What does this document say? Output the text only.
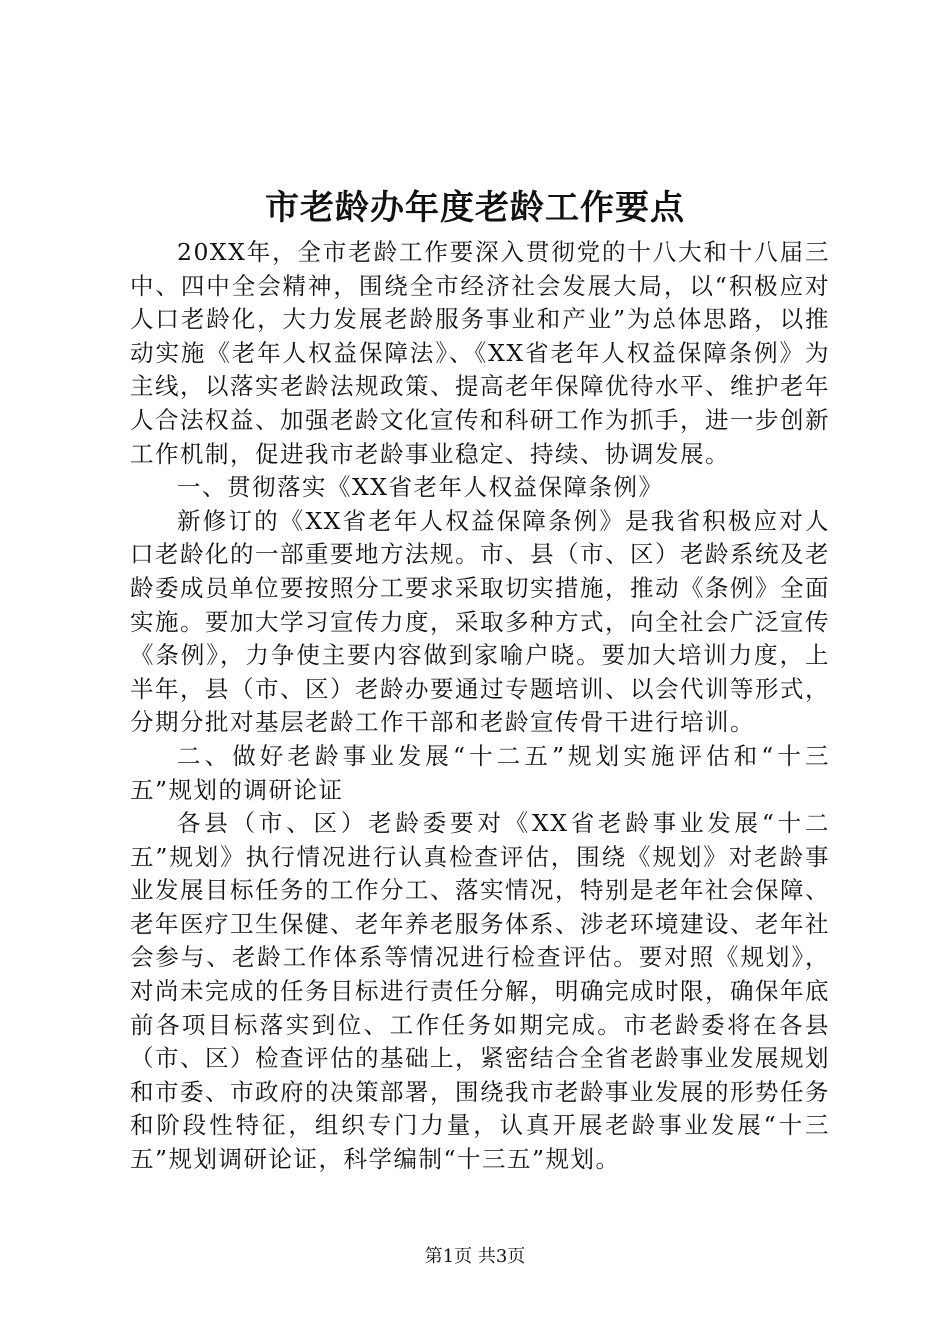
市老龄办年度老龄工作要点

20XX年，全市老龄工作要深入贯彻党的十八大和十八届三中、四中全会精神，围绕全市经济社会发展大局，以“积极应对人口老龄化，大力发展老龄服务事业和产业”为总体思路，以推动实施《老年人权益保障法》、《XX省老年人权益保障条例》为主线，以落实老龄法规政策、提高老年保障优待水平、维护老年人合法权益、加强老龄文化宣传和科研工作为抓手，进一步创新工作机制，促进我市老龄事业稳定、持续、协调发展。

一、贯彻落实《XX省老年人权益保障条例》

新修订的《XX省老年人权益保障条例》是我省积极应对人口老龄化的一部重要地方法规。市、县（市、区）老龄系统及老龄委成员单位要按照分工要求采取切实措施，推动《条例》全面实施。要加大学习宣传力度，采取多种方式，向全社会广泛宣传《条例》，力争使主要内容做到家喻户晓。要加大培训力度，上半年，县（市、区）老龄办要通过专题培训、以会代训等形式，分期分批对基层老龄工作干部和老龄宣传骨干进行培训。

二、做好老龄事业发展“十二五”规划实施评估和“十三五”规划的调研论证

各县（市、区）老龄委要对《XX省老龄事业发展“十二五”规划》执行情况进行认真检查评估，围绕《规划》对老龄事业发展目标任务的工作分工、落实情况，特别是老年社会保障、老年医疗卫生保健、老年养老服务体系、涉老环境建设、老年社会参与、老龄工作体系等情况进行检查评估。要对照《规划》，对尚未完成的任务目标进行责任分解，明确完成时限，确保年底前各项目标落实到位、工作任务如期完成。市老龄委将在各县（市、区）检查评估的基础上，紧密结合全省老龄事业发展规划和市委、市政府的决策部署，围绕我市老龄事业发展的形势任务和阶段性特征，组织专门力量，认真开展老龄事业发展“十三五”规划调研论证，科学编制“十三五”规划。

第1页 共3页
